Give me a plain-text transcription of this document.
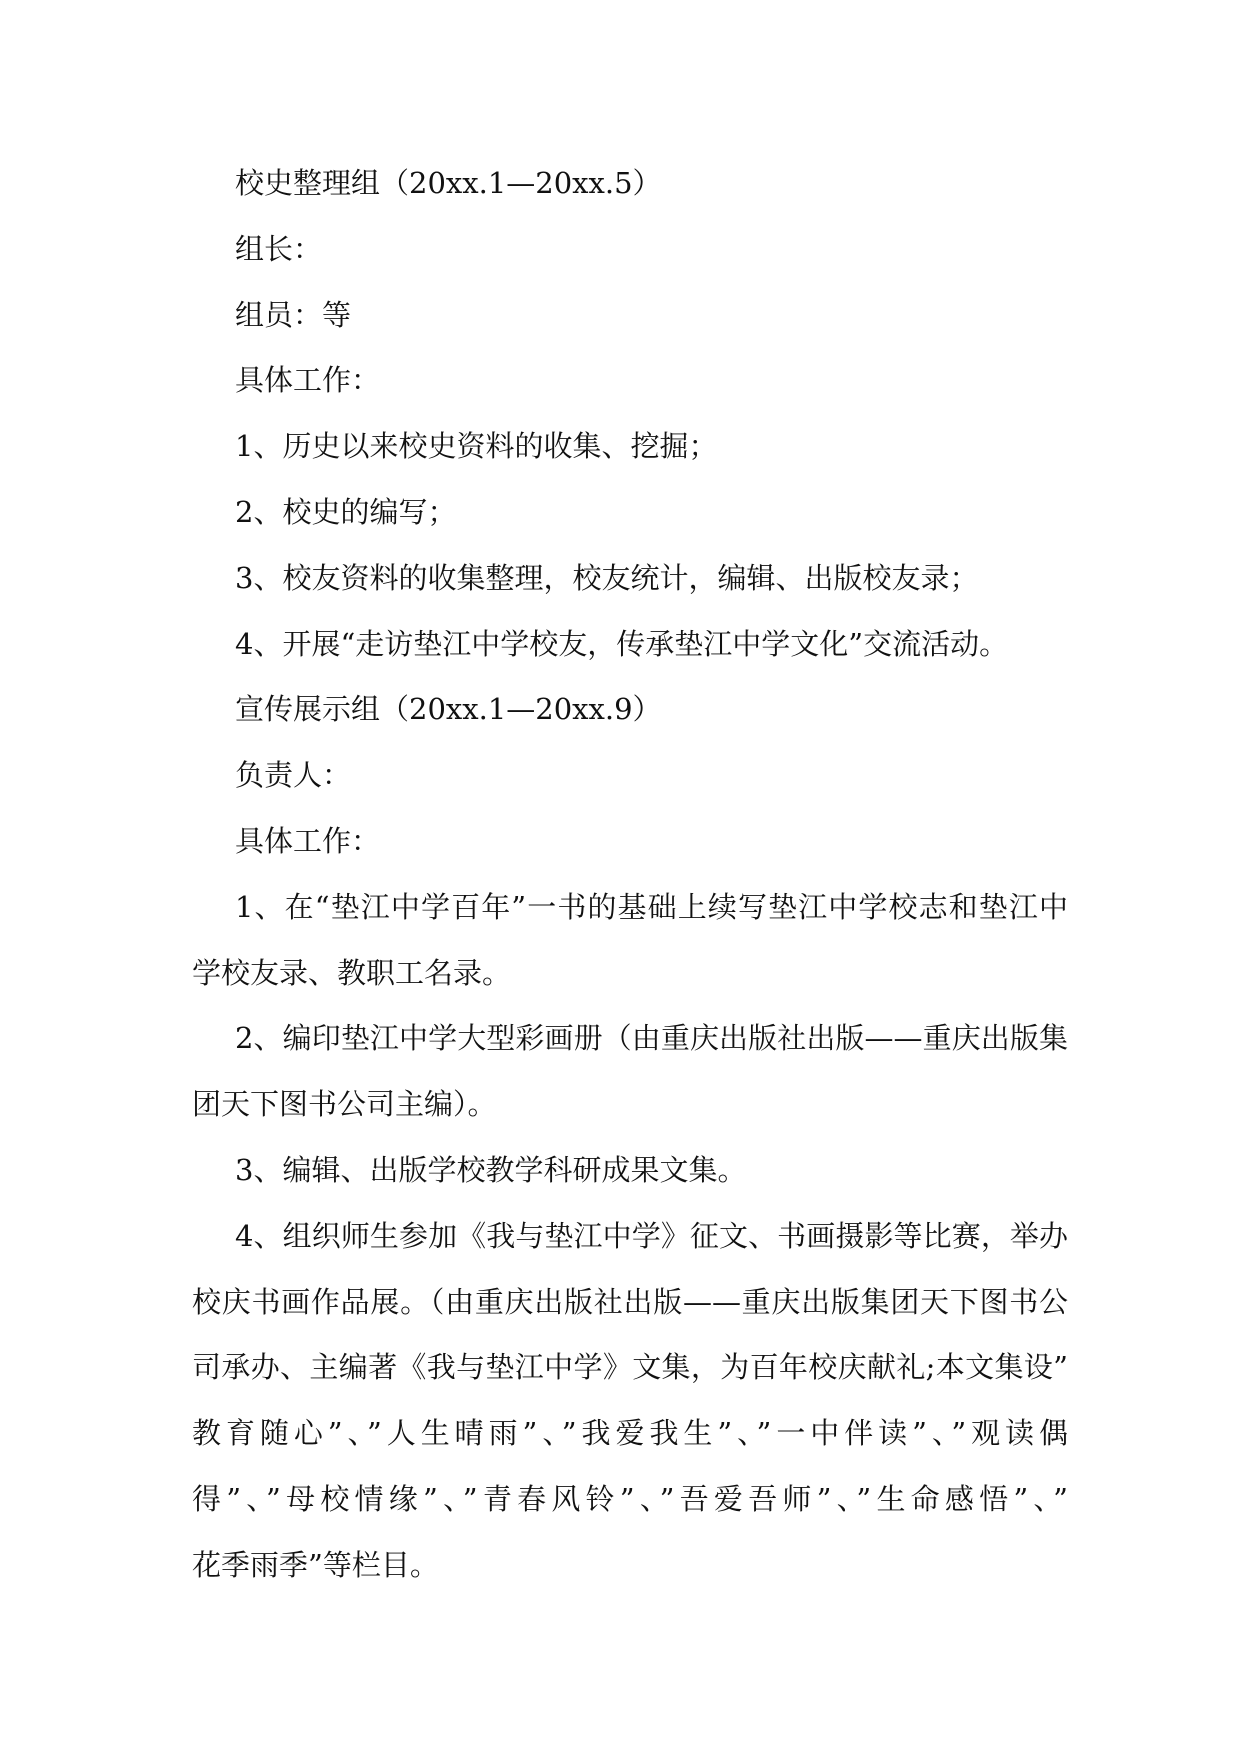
校史整理组（20xx.1—20xx.5）
组长：
组员：等
具体工作：
1、历史以来校史资料的收集、挖掘；
2、校史的编写；
3、校友资料的收集整理，校友统计，编辑、出版校友录；
4、开展“走访垫江中学校友，传承垫江中学文化”交流活动。
宣传展示组（20xx.1—20xx.9）
负责人：
具体工作：
1、在“垫江中学百年”一书的基础上续写垫江中学校志和垫江中
学校友录、教职工名录。
2、编印垫江中学大型彩画册（由重庆出版社出版——重庆出版集
团天下图书公司主编）。
3、编辑、出版学校教学科研成果文集。
4、组织师生参加《我与垫江中学》征文、书画摄影等比赛，举办
校庆书画作品展。（由重庆出版社出版——重庆出版集团天下图书公
司承办、主编著《我与垫江中学》文集，为百年校庆献礼;本文集设”
教育随心”、”人生晴雨”、”我爱我生”、”一中伴读”、”观读偶
得”、”母校情缘”、”青春风铃”、”吾爱吾师”、”生命感悟”、”
花季雨季”等栏目。
